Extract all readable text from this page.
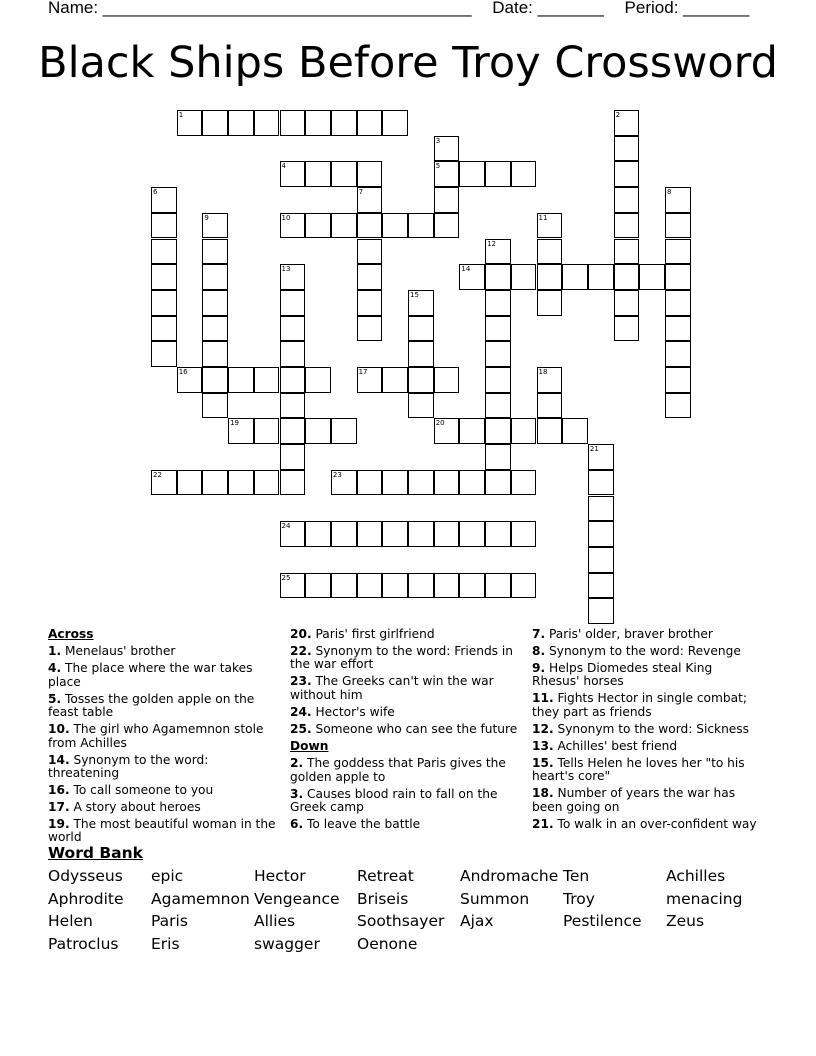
Name: _______________________________________ Date: _______ Period: _______
Black Ships Before Troy Crossword
1	2
3
5
4
6	7	8
9	10	11
12
13	14
15
16	17	18
19	20
21
22	23
24
25
Across
1. Menelaus' brother
4. The place where the war takes place
5. Tosses the golden apple on the feast table
10. The girl who Agamemnon stole from Achilles
14. Synonym to the word: threatening
16. To call someone to you
17. A story about heroes
19. The most beautiful woman in the world
20. Paris' first girlfriend
22. Synonym to the word: Friends in the war effort
23. The Greeks can't win the war without him
24. Hector's wife
25. Someone who can see the future
Down
2. The goddess that Paris gives the golden apple to
3. Causes blood rain to fall on the Greek camp
6. To leave the battle
7. Paris' older, braver brother
8. Synonym to the word: Revenge
9. Helps Diomedes steal King Rhesus' horses
11. Fights Hector in single combat; they part as friends
12. Synonym to the word: Sickness
13. Achilles' best friend
15. Tells Helen he loves her "to his heart's core"
18. Number of years the war has been going on
21. To walk in an over-confident way
Word Bank
Odysseus epic	Hector	Retreat	Andromache Ten	Achilles
Aphrodite Agamemnon Vengeance Briseis	Summon Troy	menacing
Helen	Paris	Allies	Soothsayer Ajax	Pestilence Zeus
Patroclus Eris	swagger Oenone
